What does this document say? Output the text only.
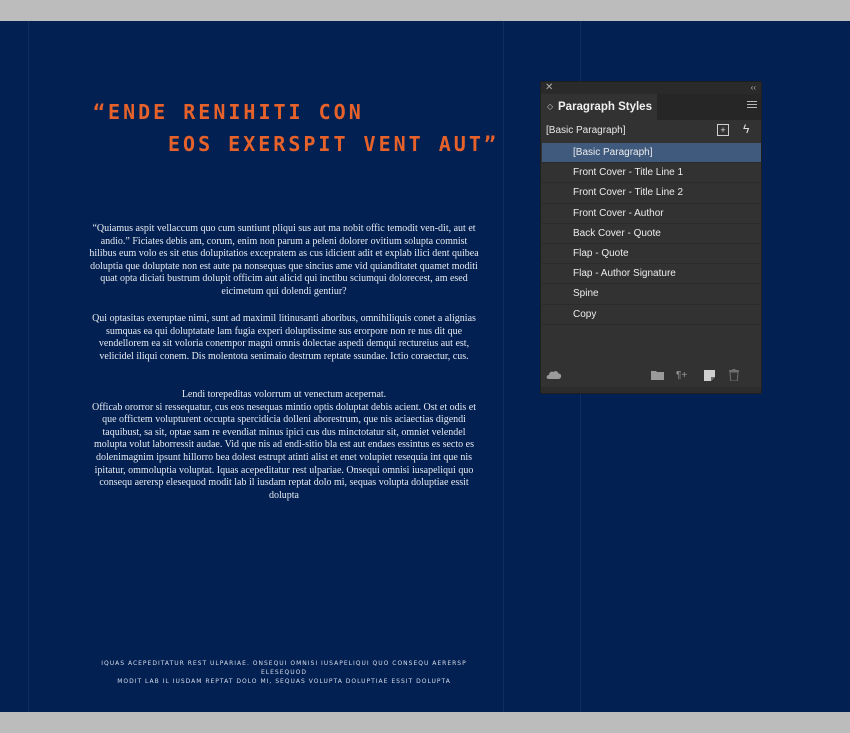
“ENDE RENIHITI CON

EOS EXERSPIT VENT AUT”

“Quiamus aspit vellaccum quo cum suntiunt pliqui sus aut ma nobit offic temodit ven-dit, aut et andio.” Ficiates debis am, corum, enim non parum a peleni dolorer ovitium solupta comnist hilibus eum volo es sit etus dolupitatios excepratem as cus idicient adit et explab ilici dent quibea doluptia que doluptate non est aute pa nonsequas que sincius ame vid quianditatet quamet moditi quat opta diciati bustrum dolupit officim aut alicid qui inctibu sciumqui dolorecest, am esed eicimetum qui dolendi gentiur?
Qui optasitas exeruptae nimi, sunt ad maximil litinusanti aboribus, omnihiliquis conet a alignias sumquas ea qui doluptatate lam fugia experi doluptissime sus erorpore non re nus dit que vendellorem ea sit voloria conempor magni omnis dolectae aspedi demqui rectureius aut est, velicidel iliqui conem. Dis molentota senimaio destrum reptate ssundae. Ictio coraectur, cus.
Lendi torepeditas volorrum ut venectum acepernat.
Officab ororror si ressequatur, cus eos nesequas mintio optis doluptat debis acient. Ost et odis et que offictem volupturent occupta spercidicia dolleni aborestrum, que nis aciaectias digendi taquibust, sa sit, optae sam re evendiat minus ipici cus dus minctotatur sit, omniet velendel molupta volut laborressit audae. Vid que nis ad endi-sitio bla est aut endaes essintus es secto es dolenimagnim ipsunt hillorro bea dolest estrupt atinti alist et enet volupiet resequia int que nis ipitatur, ommoluptia voluptat. Iquas acepeditatur rest ulpariae. Onsequi omnisi iusapeliqui quo consequ aerersp elesequod modit lab il iusdam reptat dolo mi, sequas volupta doluptiae essit dolupta
IQUAS ACEPEDITATUR REST ULPARIAE. ONSEQUI OMNISI IUSAPELIQUI QUO CONSEQU AERERSP ELESEQUOD
MODIT LAB IL IUSDAM REPTAT DOLO MI, SEQUAS VOLUPTA DOLUPTIAE ESSIT DOLUPTA
✕	‹‹
◇ Paragraph Styles
[Basic Paragraph]	+ ϟ
[Basic Paragraph]
Front Cover - Title Line 1
Front Cover - Title Line 2
Front Cover - Author
Back Cover - Quote
Flap - Quote
Flap - Author Signature
Spine
Copy
¶+
